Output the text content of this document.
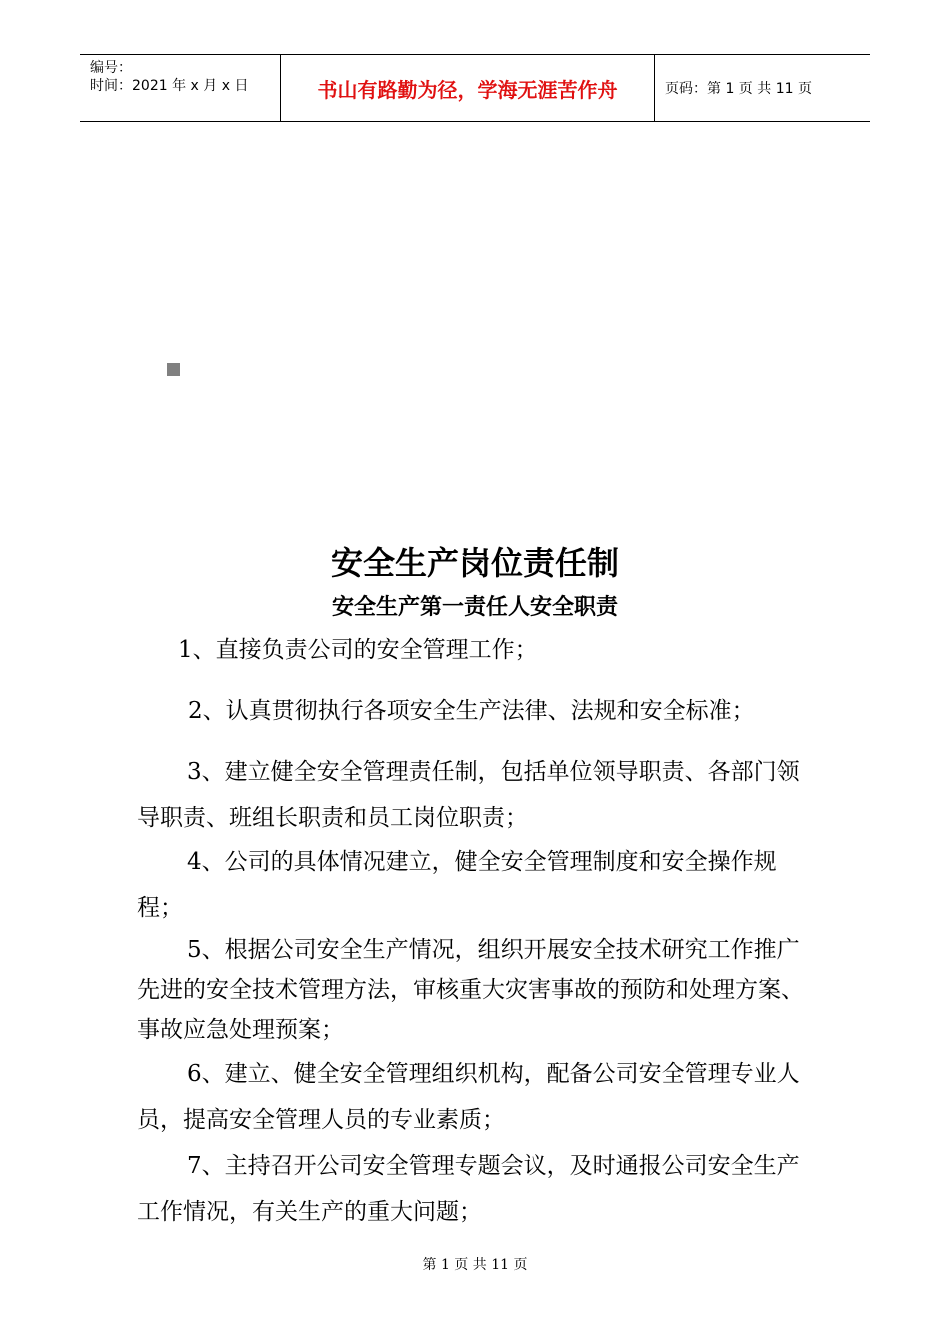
编号：
时间：2021 年 x 月 x 日	书山有路勤为径，学海无涯苦作舟	页码：第 1 页 共 11 页
安全生产岗位责任制
安全生产第一责任人安全职责

1、直接负责公司的安全管理工作；

2、认真贯彻执行各项安全生产法律、法规和安全标准；

3、建立健全安全管理责任制，包括单位领导职责、各部门领导职责、班组长职责和员工岗位职责；

4、公司的具体情况建立，健全安全管理制度和安全操作规程；

5、根据公司安全生产情况，组织开展安全技术研究工作推广先进的安全技术管理方法，审核重大灾害事故的预防和处理方案、事故应急处理预案；

6、建立、健全安全管理组织机构，配备公司安全管理专业人员，提高安全管理人员的专业素质；

7、主持召开公司安全管理专题会议，及时通报公司安全生产工作情况，有关生产的重大问题；

第 1 页 共 11 页
